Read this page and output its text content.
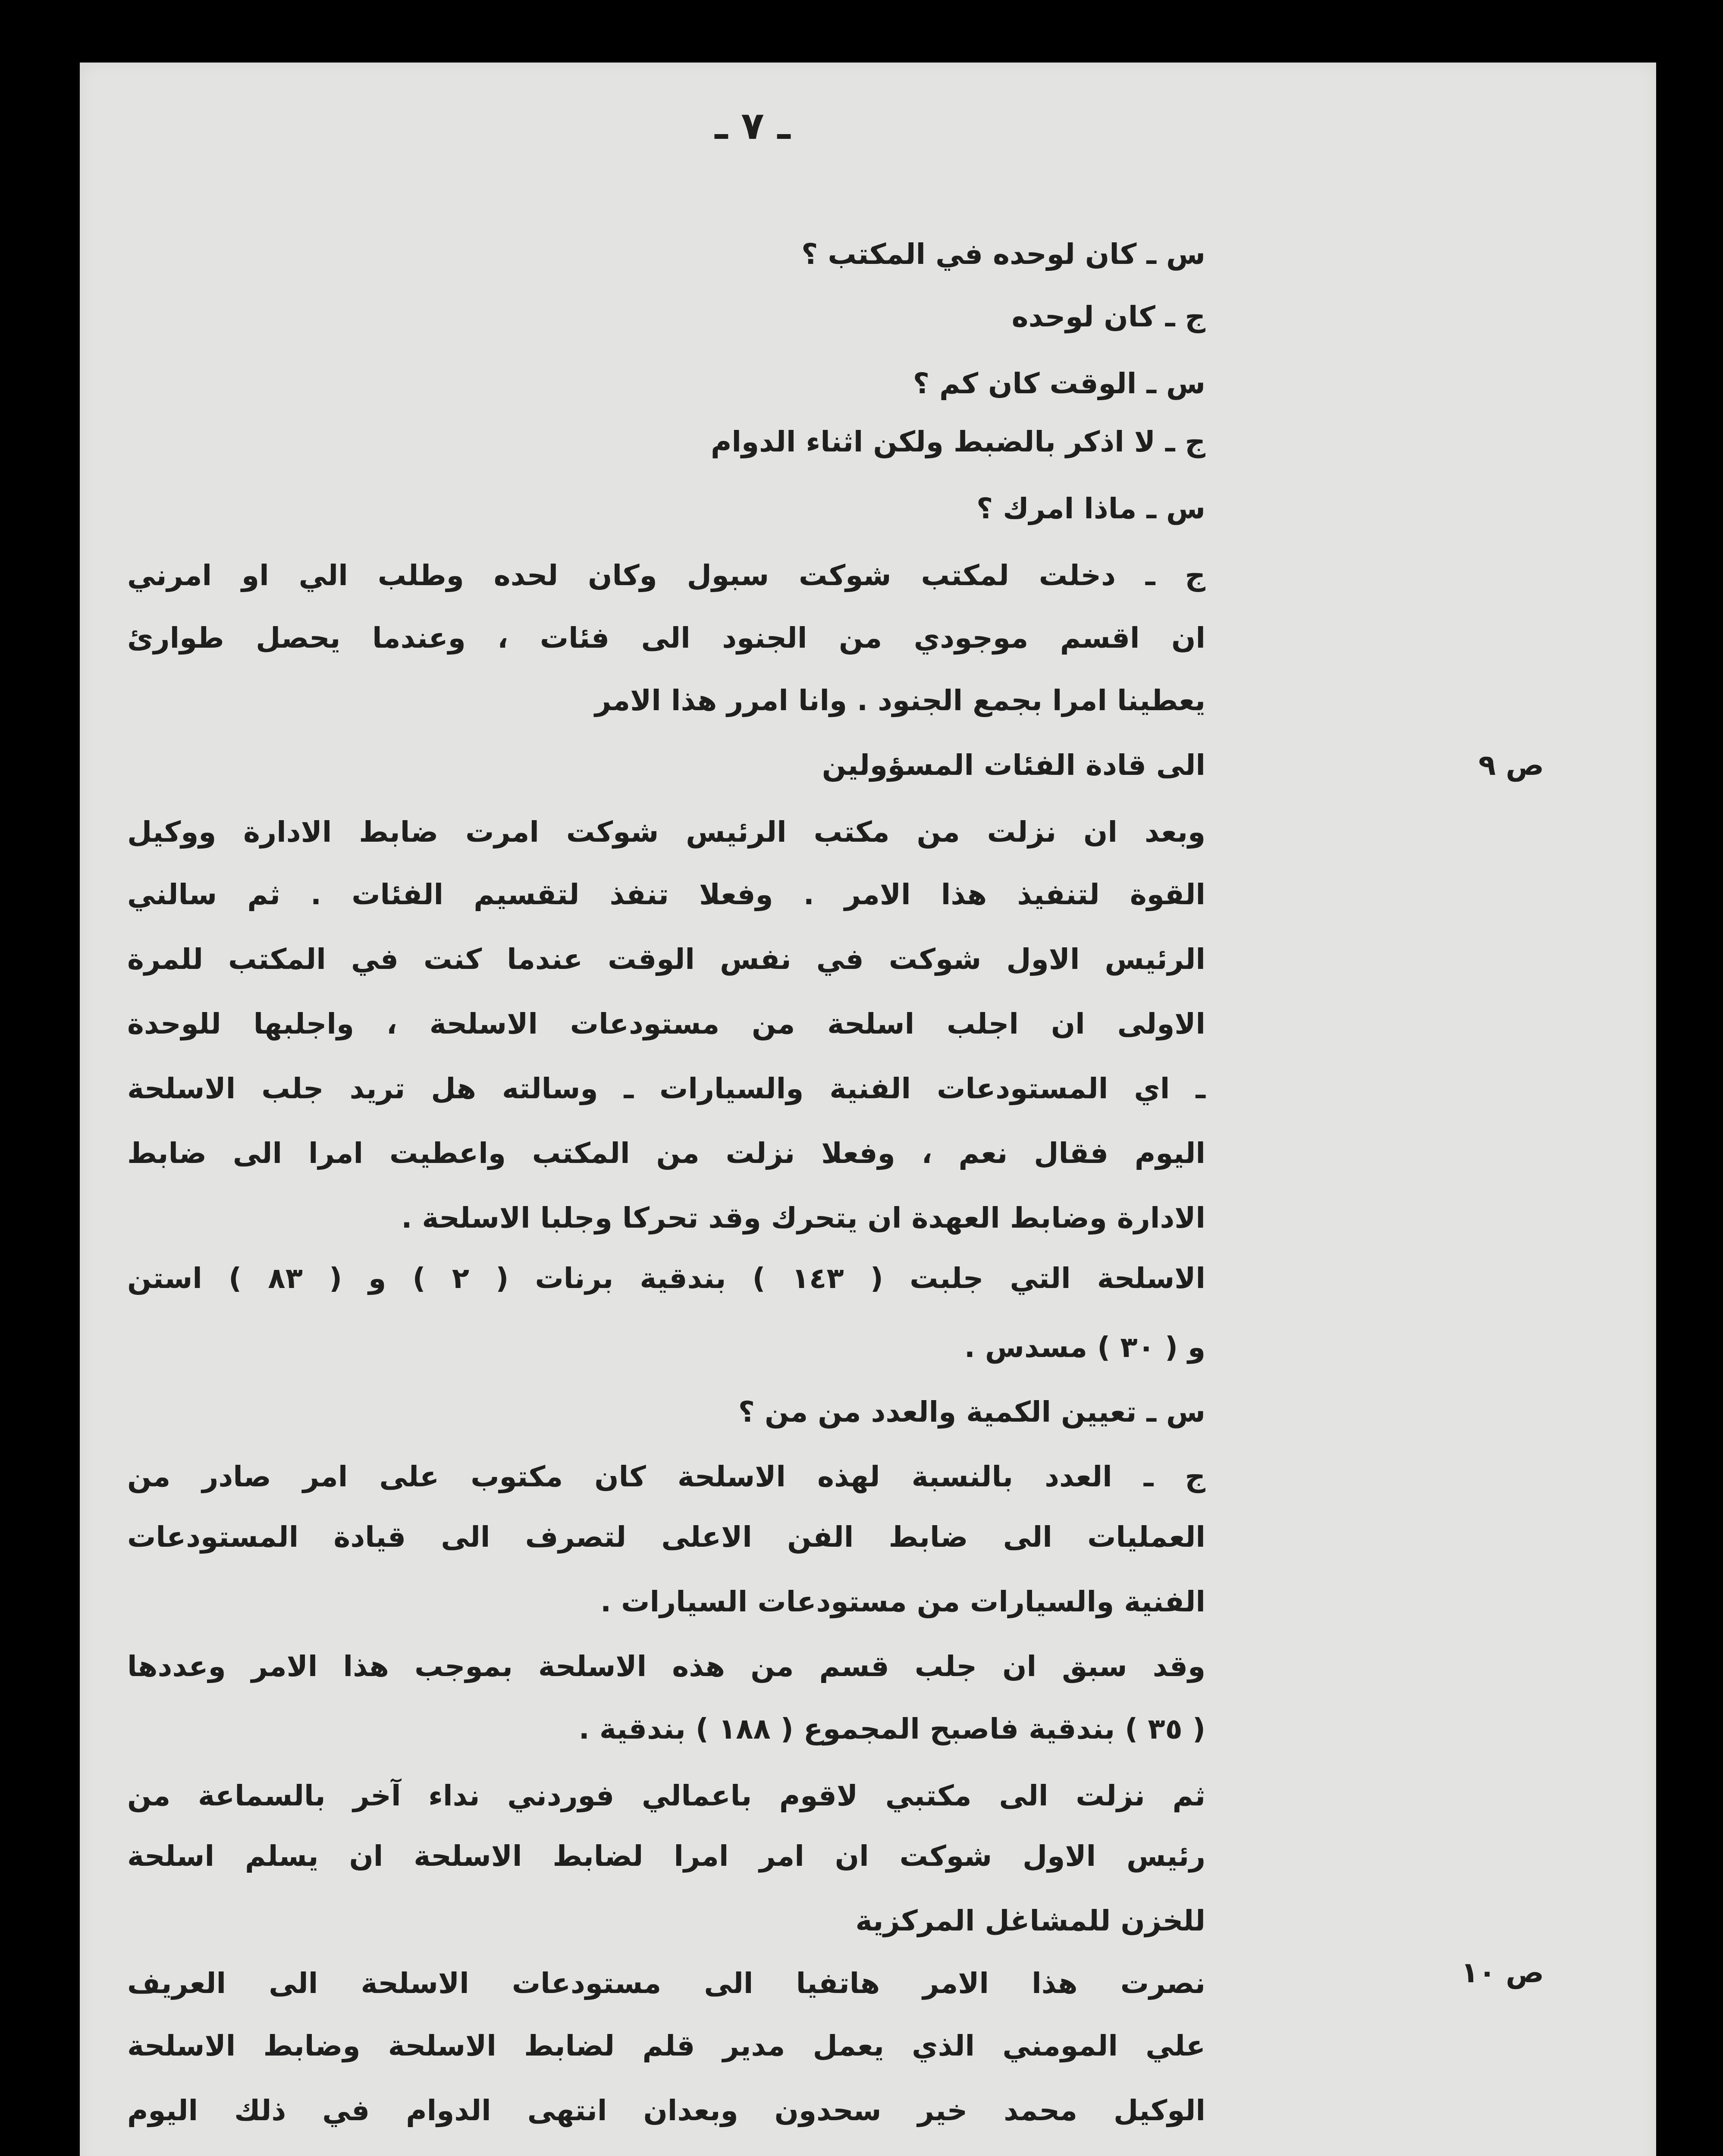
ـ ٧ ـ
س ـ كان لوحده في المكتب ؟
ج ـ كان لوحده
س ـ الوقت كان كم ؟
ج ـ لا اذكر بالضبط ولكن اثناء الدوام
س ـ ماذا امرك ؟
ج ـ دخلت لمكتب شوكت سبول وكان لحده وطلب الي او امرني
ان اقسم موجودي من الجنود الى فئات ، وعندما يحصل طوارئ
يعطينا امرا بجمع الجنود . وانا امرر هذا الامر
الى قادة الفئات المسؤولين
وبعد ان نزلت من مكتب الرئيس شوكت امرت ضابط الادارة ووكيل
القوة لتنفيذ هذا الامر . وفعلا تنفذ لتقسيم الفئات . ثم سالني
الرئيس الاول شوكت في نفس الوقت عندما كنت في المكتب للمرة
الاولى ان اجلب اسلحة من مستودعات الاسلحة ، واجلبها للوحدة
ـ اي المستودعات الفنية والسيارات ـ وسالته هل تريد جلب الاسلحة
اليوم فقال نعم ، وفعلا نزلت من المكتب واعطيت امرا الى ضابط
الادارة وضابط العهدة ان يتحرك وقد تحركا وجلبا الاسلحة .
الاسلحة التي جلبت ( ١٤٣ ) بندقية برنات ( ٢ ) و ( ٨٣ ) استن
و ( ٣٠ ) مسدس .
س ـ تعيين الكمية والعدد من من ؟
ج ـ العدد بالنسبة لهذه الاسلحة كان مكتوب على امر صادر من
العمليات الى ضابط الفن الاعلى لتصرف الى قيادة المستودعات
الفنية والسيارات من مستودعات السيارات .
وقد سبق ان جلب قسم من هذه الاسلحة بموجب هذا الامر وعددها
( ٣٥ ) بندقية فاصبح المجموع ( ١٨٨ ) بندقية .
ثم نزلت الى مكتبي لاقوم باعمالي فوردني نداء آخر بالسماعة من
رئيس الاول شوكت ان امر امرا لضابط الاسلحة ان يسلم اسلحة
للخزن للمشاغل المركزية
نصرت هذا الامر هاتفيا الى مستودعات الاسلحة الى العريف
علي المومني الذي يعمل مدير قلم لضابط الاسلحة وضابط الاسلحة
الوكيل محمد خير سحدون وبعدان انتهى الدوام في ذلك اليوم
ص ٩
ص ١٠
